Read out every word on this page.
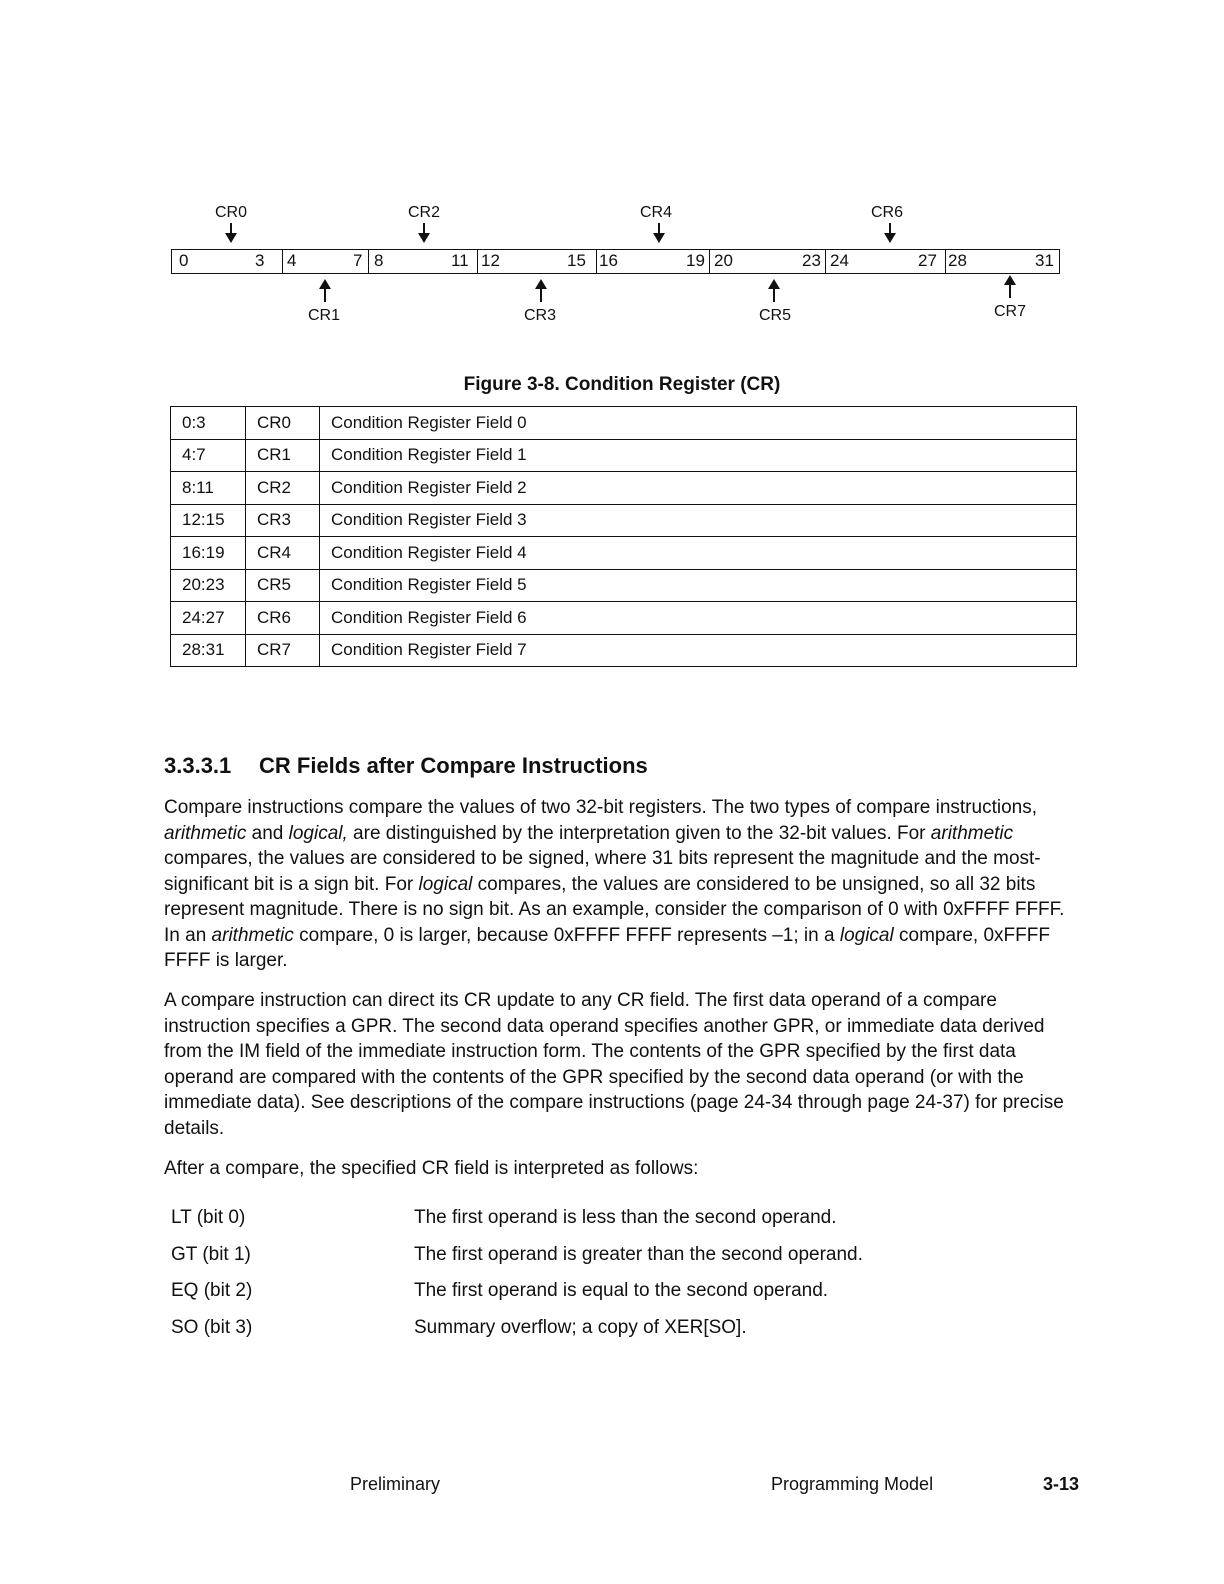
0	3 4	7 8	11 12	15 16	19 20	23 24	27 28	31
CR0	CR2	CR4	CR6
CR1	CR3	CR5	CR7
Figure 3-8. Condition Register (CR)
0:3	CR0	Condition Register Field 0
4:7	CR1	Condition Register Field 1
8:11	CR2	Condition Register Field 2
12:15	CR3	Condition Register Field 3
16:19	CR4	Condition Register Field 4
20:23	CR5	Condition Register Field 5
24:27	CR6	Condition Register Field 6
28:31	CR7	Condition Register Field 7
3.3.3.1 CR Fields after Compare Instructions

Compare instructions compare the values of two 32-bit registers. The two types of compare instructions, arithmetic and logical, are distinguished by the interpretation given to the 32-bit values. For arithmetic compares, the values are considered to be signed, where 31 bits represent the magnitude and the most-significant bit is a sign bit. For logical compares, the values are considered to be unsigned, so all 32 bits represent magnitude. There is no sign bit. As an example, consider the comparison of 0 with 0xFFFF FFFF. In an arithmetic compare, 0 is larger, because 0xFFFF FFFF represents –1; in a logical compare, 0xFFFF FFFF is larger.

A compare instruction can direct its CR update to any CR field. The first data operand of a compare instruction specifies a GPR. The second data operand specifies another GPR, or immediate data derived from the IM field of the immediate instruction form. The contents of the GPR specified by the first data operand are compared with the contents of the GPR specified by the second data operand (or with the immediate data). See descriptions of the compare instructions (page 24-34 through page 24-37) for precise details.

After a compare, the specified CR field is interpreted as follows:

LT (bit 0)	The first operand is less than the second operand.
GT (bit 1)	The first operand is greater than the second operand.
EQ (bit 2)	The first operand is equal to the second operand.
SO (bit 3)	Summary overflow; a copy of XER[SO].
Preliminary	Programming Model	3-13
